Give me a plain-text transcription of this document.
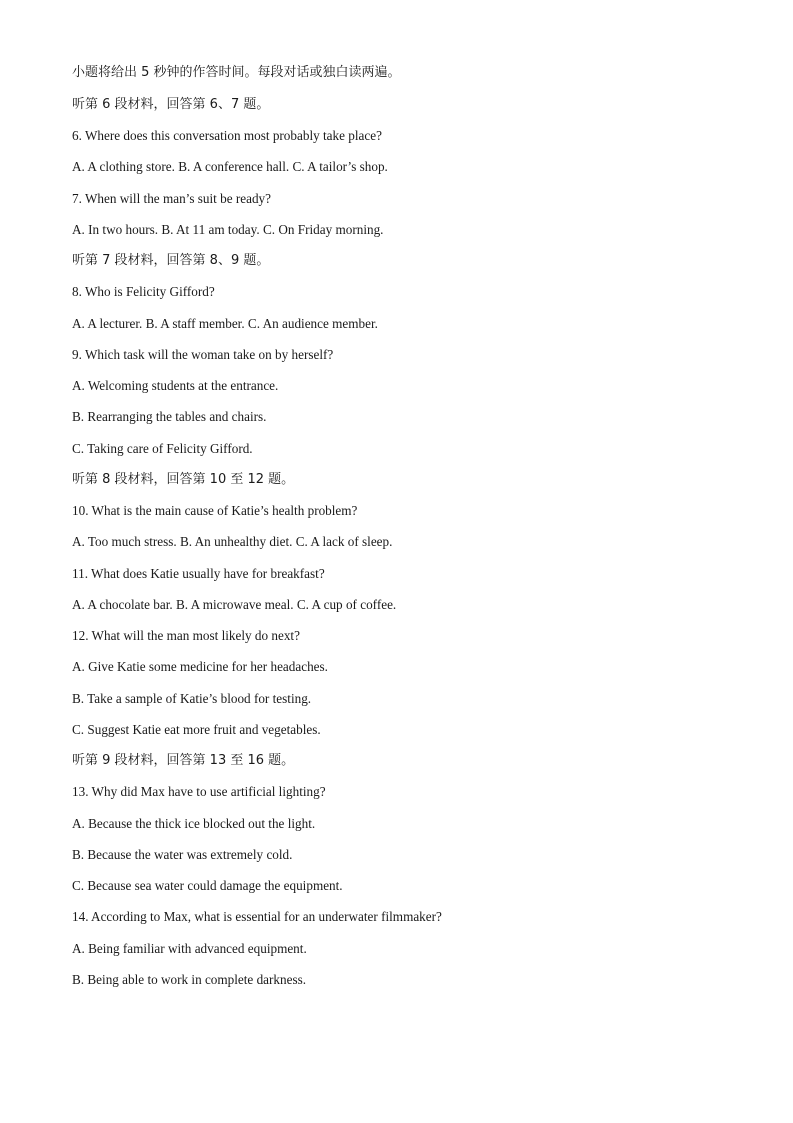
小题将给出 5 秒钟的作答时间。每段对话或独白读两遍。
听第 6 段材料，回答第 6、7 题。
6. Where does this conversation most probably take place?
A. A clothing store. B. A conference hall. C. A tailor’s shop.
7. When will the man’s suit be ready?
A. In two hours. B. At 11 am today. C. On Friday morning.
听第 7 段材料，回答第 8、9 题。
8. Who is Felicity Gifford?
A. A lecturer. B. A staff member. C. An audience member.
9. Which task will the woman take on by herself?
A. Welcoming students at the entrance.
B. Rearranging the tables and chairs.
C. Taking care of Felicity Gifford.
听第 8 段材料，回答第 10 至 12 题。
10. What is the main cause of Katie’s health problem?
A. Too much stress. B. An unhealthy diet. C. A lack of sleep.
11. What does Katie usually have for breakfast?
A. A chocolate bar. B. A microwave meal. C. A cup of coffee.
12. What will the man most likely do next?
A. Give Katie some medicine for her headaches.
B. Take a sample of Katie’s blood for testing.
C. Suggest Katie eat more fruit and vegetables.
听第 9 段材料，回答第 13 至 16 题。
13. Why did Max have to use artificial lighting?
A. Because the thick ice blocked out the light.
B. Because the water was extremely cold.
C. Because sea water could damage the equipment.
14. According to Max, what is essential for an underwater filmmaker?
A. Being familiar with advanced equipment.
B. Being able to work in complete darkness.
